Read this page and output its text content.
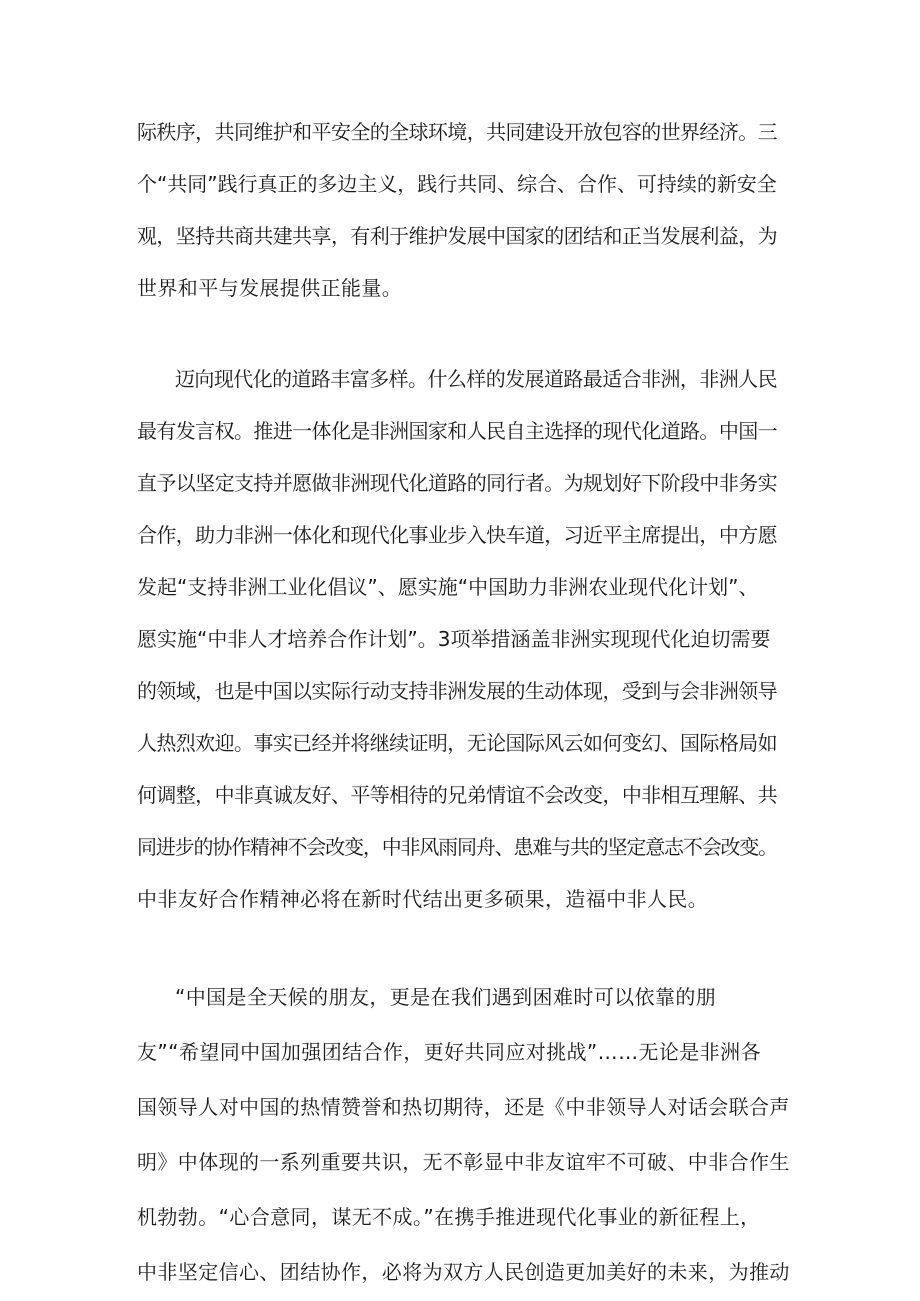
际秩序，共同维护和平安全的全球环境，共同建设开放包容的世界经济。三
个“共同”践行真正的多边主义，践行共同、综合、合作、可持续的新安全
观，坚持共商共建共享，有利于维护发展中国家的团结和正当发展利益，为
世界和平与发展提供正能量。
迈向现代化的道路丰富多样。什么样的发展道路最适合非洲，非洲人民
最有发言权。推进一体化是非洲国家和人民自主选择的现代化道路。中国一
直予以坚定支持并愿做非洲现代化道路的同行者。为规划好下阶段中非务实
合作，助力非洲一体化和现代化事业步入快车道，习近平主席提出，中方愿
发起“支持非洲工业化倡议”、愿实施“中国助力非洲农业现代化计划”、
愿实施“中非人才培养合作计划”。3项举措涵盖非洲实现现代化迫切需要
的领域，也是中国以实际行动支持非洲发展的生动体现，受到与会非洲领导
人热烈欢迎。事实已经并将继续证明，无论国际风云如何变幻、国际格局如
何调整，中非真诚友好、平等相待的兄弟情谊不会改变，中非相互理解、共
同进步的协作精神不会改变，中非风雨同舟、患难与共的坚定意志不会改变。
中非友好合作精神必将在新时代结出更多硕果，造福中非人民。
“中国是全天候的朋友，更是在我们遇到困难时可以依靠的朋
友”“希望同中国加强团结合作，更好共同应对挑战”……无论是非洲各
国领导人对中国的热情赞誉和热切期待，还是《中非领导人对话会联合声
明》中体现的一系列重要共识，无不彰显中非友谊牢不可破、中非合作生
机勃勃。“心合意同，谋无不成。”在携手推进现代化事业的新征程上，
中非坚定信心、团结协作，必将为双方人民创造更加美好的未来，为推动
